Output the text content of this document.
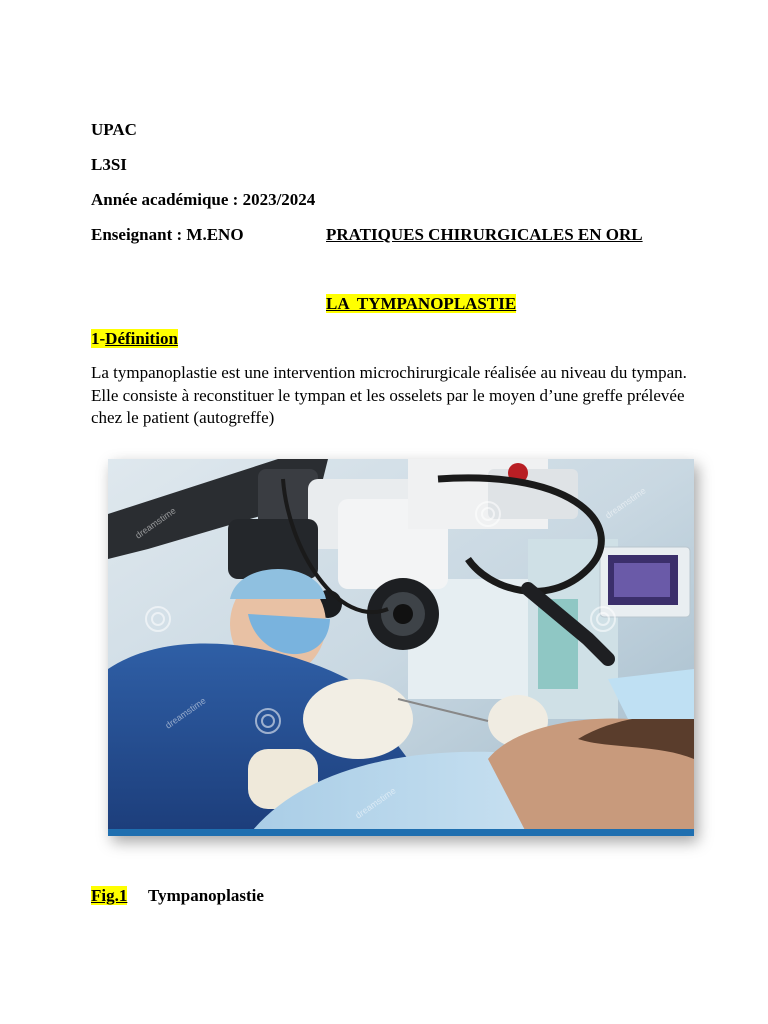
UPAC
L3SI
Année académique : 2023/2024
Enseignant : M.ENO	PRATIQUES CHIRURGICALES EN ORL
LA  TYMPANOPLASTIE
1-Définition
La tympanoplastie est une intervention microchirurgicale réalisée au niveau du tympan. Elle consiste à reconstituer le tympan et les osselets par le moyen d’une greffe prélevée chez le patient (autogreffe)
dreamstime
dreamstime
dreamstime
dreamstime
Fig.1 Tympanoplastie
